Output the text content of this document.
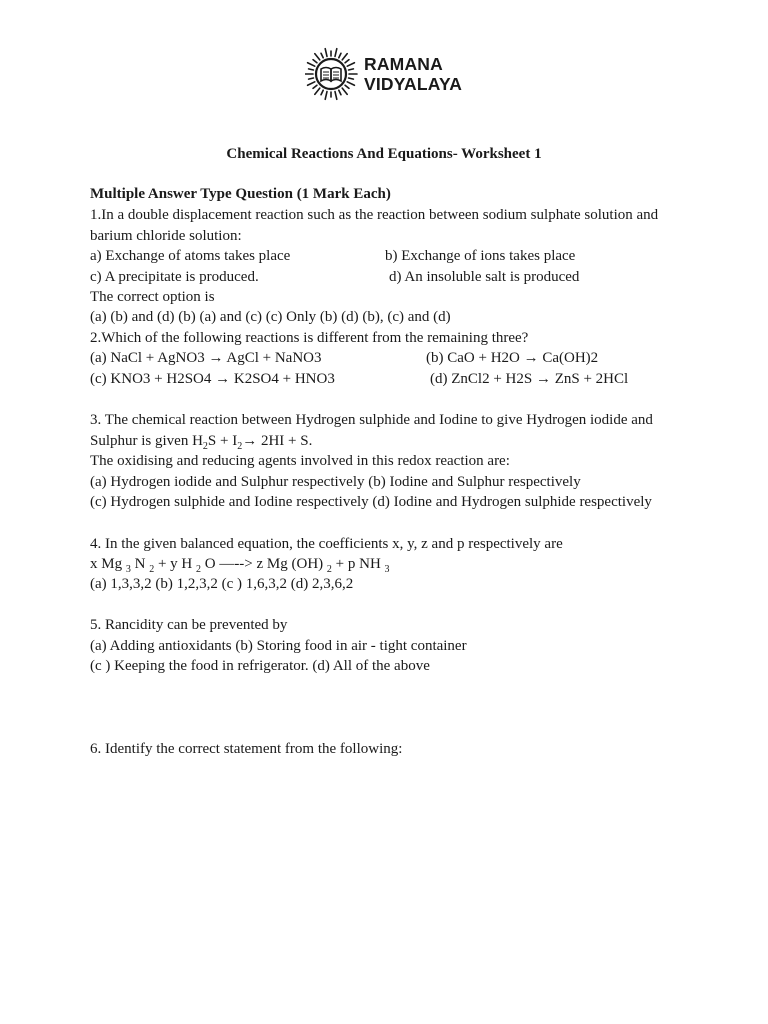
RAMANA
VIDYALAYA
Chemical Reactions And Equations- Worksheet 1
Multiple Answer Type Question (1 Mark Each)
1.In a double displacement reaction such as the reaction between sodium sulphate solution and
barium chloride solution:
a) Exchange of atoms takes place	b) Exchange of ions takes place
c) A precipitate is produced.	d) An insoluble salt is produced
The correct option is
(a) (b) and (d) (b) (a) and (c) (c) Only (b) (d) (b), (c) and (d)
2.Which of the following reactions is different from the remaining three?
(a) NaCl + AgNO3 → AgCl + NaNO3	(b) CaO + H2O → Ca(OH)2
(c) KNO3 + H2SO4 → K2SO4 + HNO3	(d) ZnCl2 + H2S → ZnS + 2HCl
3. The chemical reaction between Hydrogen sulphide and Iodine to give Hydrogen iodide and
Sulphur is given $H_2S + I_2\to 2HI + S$.
The oxidising and reducing agents involved in this redox reaction are:
(a) Hydrogen iodide and Sulphur respectively (b) Iodine and Sulphur respectively
(c) Hydrogen sulphide and Iodine respectively (d) Iodine and Hydrogen sulphide respectively
4. In the given balanced equation, the coefficients x, y, z and p respectively are
x Mg $_3$ N $_2$ + y H $_2$ O —--> z Mg (OH) $_2$ + p NH $_3$
(a) 1,3,3,2 (b) 1,2,3,2 (c ) 1,6,3,2 (d) 2,3,6,2
5. Rancidity can be prevented by
(a) Adding antioxidants (b) Storing food in air - tight container
(c ) Keeping the food in refrigerator. (d) All of the above
6. Identify the correct statement from the following:
